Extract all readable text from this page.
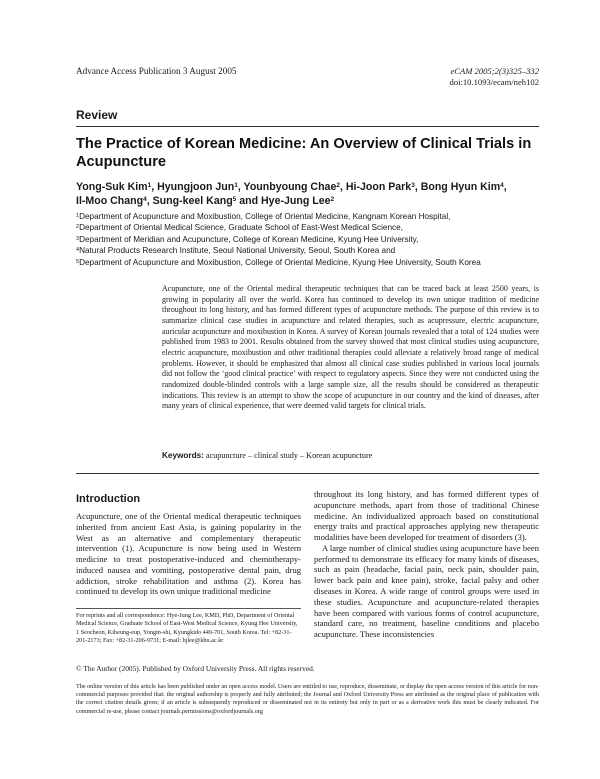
Advance Access Publication 3 August 2005	eCAM 2005;2(3)325–332
doi:10.1093/ecam/neh102
Review
The Practice of Korean Medicine: An Overview of Clinical Trials in Acupuncture
Yong-Suk Kim$^1$, Hyungjoon Jun$^1$, Younbyoung Chae$^2$, Hi-Joon Park$^3$, Bong Hyun Kim$^4$,
Il-Moo Chang$^4$, Sung-keel Kang$^5$ and Hye-Jung Lee$^2$
$^1$Department of Acupuncture and Moxibustion, College of Oriental Medicine, Kangnam Korean Hospital,
$^2$Department of Oriental Medical Science, Graduate School of East-West Medical Science,
$^3$Department of Meridian and Acupuncture, College of Korean Medicine, Kyung Hee University,
$^4$Natural Products Research Institute, Seoul National University, Seoul, South Korea and
$^5$Department of Acupuncture and Moxibustion, College of Oriental Medicine, Kyung Hee University, South Korea
Acupuncture, one of the Oriental medical therapeutic techniques that can be traced back at least 2500 years, is growing in popularity all over the world. Korea has continued to develop its own unique tradition of medicine throughout its long history, and has formed different types of acupuncture methods. The purpose of this review is to summarize clinical case studies in acupuncture and related therapies, such as acupressure, electric acupuncture, auricular acupuncture and moxibustion in Korea. A survey of Korean journals revealed that a total of 124 studies were published from 1983 to 2001. Results obtained from the survey showed that most clinical studies using acupuncture, electric acupuncture, moxibustion and other traditional therapies could alleviate a relatively broad range of medical problems. However, it should be emphasized that almost all clinical case studies published in various local journals did not follow the ‘good clinical practice’ with respect to regulatory aspects. Since they were not conducted using the randomized double-blinded controls with a large sample size, all the results should be considered as therapeutic indications. This review is an attempt to show the scope of acupuncture in our country and the kind of diseases, after many years of clinical experience, that were deemed valid targets for clinical trials.
Keywords: acupuncture – clinical study – Korean acupuncture
Introduction

Acupuncture, one of the Oriental medical therapeutic techniques inherited from ancient East Asia, is gaining popularity in the West as an alternative and complementary therapeutic intervention (1). Acupuncture is now being used in Western medicine to treat postoperative-induced and chemotherapy-induced nausea and vomiting, postoperative dental pain, drug addiction, stroke rehabilitation and asthma (2). Korea has continued to develop its own unique traditional medicine

For reprints and all correspondence: Hye-Jung Lee, KMD, PhD, Department of Oriental Medical Science, Graduate School of East-West Medical Science, Kyung Hee University, 1 Seocheon, Kiheung-eup, Yongin-shi, Kyungkido 449-701, South Korea. Tel: +82-31-201-2173; Fax: +82-31-206-9731; E-mail: hjlee@khu.ac.kr

throughout its long history, and has formed different types of acupuncture methods, apart from those of traditional Chinese medicine. An individualized approach based on constitutional energy traits and practical approaches applying new therapeutic modalities have been developed for treatment of disorders (3).

A large number of clinical studies using acupuncture have been performed to demonstrate its efficacy for many kinds of diseases, such as pain (headache, facial pain, neck pain, shoulder pain, lower back pain and knee pain), stroke, facial palsy and other diseases in Korea. A wide range of control groups were used in these studies. Acupuncture and acupuncture-related therapies have been compared with various forms of control acupuncture, standard care, no treatment, baseline conditions and placebo acupuncture. These inconsistencies

© The Author (2005). Published by Oxford University Press. All rights reserved.
The online version of this article has been published under an open access model. Users are entitled to use, reproduce, disseminate, or display the open access version of this article for non-commercial purposes provided that: the original authorship is properly and fully attributed; the Journal and Oxford University Press are attributed as the original place of publication with the correct citation details given; if an article is subsequently reproduced or disseminated not in its entirety but only in part or as a derivative work this must be clearly indicated. For commercial re-use, please contact journals.permissions@oxfordjournals.org
